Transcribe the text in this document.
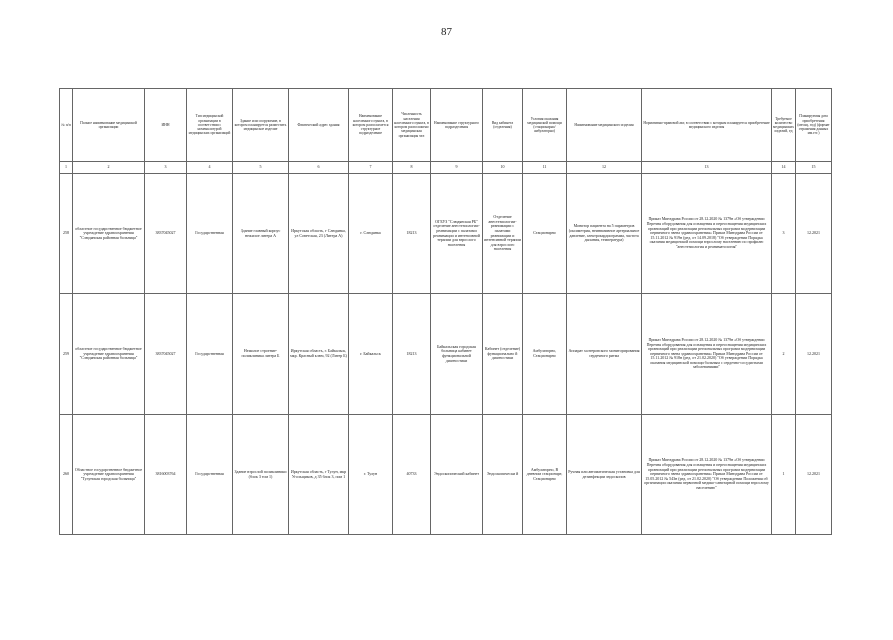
87
№ п/п	Полное наименование медицинской организации	ИНН	Тип медицинской организации в соответствии с номенклатурой медицинских организаций	Здание или сооружение, в котором планируется разместить медицинское изделие	Фактический адрес здания	Наименование населенного пункта, в котором располагается структурное подразделение	Численность населения населенного пункта, в котором расположено медицинская организация чел	Наименование структурного подразделения	Вид кабинета (отделения)	Условия оказания медицинской помощи (стационарно/амбулаторно)	Наименование медицинского изделия	Нормативно-правовой акт, в соответствии с которым планируется приобретение медицинского изделия	Требуемое количество медицинских изделий, ед	Планируемая дата приобретения (месяц, год) (формат отражения данных мм.ггг.)
1	2	3	4	5	6	7	8	9	10	11	12	13	14	15
258	областное государственное бюджетное учреждение здравоохранения "Слюдянская районная больница"	3837045027	Государственная	Здание главный корпус нежилое литера А	Иркутская область, г Слюдянка, ул Советская, 23 (Литера А)	г. Слюдянка	18213	ОГБУЗ "Слюдянская РБ" отделение анестезиологии-реанимации с палатами реанимации и интенсивной терапии для взрослого населения	Отделение анестезиологии-реанимации с палатами реанимации и интенсивной терапии для взрослого населения	Стационарно	Монитор пациента на 5 параметров (оксиметрия, неинвазивное артериальное давление, электрокардиограмма, частота дыхания, температура)	Приказ Минздрава России от 28.12.2020 № 1379н «Об утверждении Перечня оборудования для оснащения и переоснащения медицинских организаций при реализации региональных программ модернизации первичного звена здравоохранения» Приказ Минздрава России от 15.11.2012 № 919н (ред. от 14.09.2018) "Об утверждении Порядка оказания медицинской помощи взрослому населению по профилю "анестезиология и реаниматология"	3	12.2021
259	областное государственное бюджетное учреждение здравоохранения "Слюдянская районная больница"	3837045027	Государственная	Нежилое строение-поликлиника литера Б	Иркутская область, г. Байкальск, мкр. Красный ключ, 92 (Литер Б)	г. Байкальск	18213	Байкальская городская больница кабинет функциональной диагностики	Кабинет (отделение) функционально й диагностики	Амбулаторно, Стационарно	Аппарат холтеровского мониторирования сердечного ритма	Приказ Минздрава России от 28.12.2020 № 1379н «Об утверждении Перечня оборудования для оснащения и переоснащения медицинских организаций при реализации региональных программ модернизации первичного звена здравоохранения» Приказ Минздрава России от 15.11.2012 № 918н (ред. от 21.02.2020) "Об утверждении Порядка оказания медицинской помощи больным с сердечно-сосудистыми заболеваниями"	2	12.2021
260	Областное государственное бюджетное учреждение здравоохранения "Тулунская городская больница"	3816003764	Государственная	Здание взрослой поликлиники (блок 3 том 1)	Иркутская область, г Тулун, мкр Угольщиков, д 35 блок 3, пом 1	г. Тулун	40733	Эндоскопический кабинет	Эндоскопически й	Амбулаторно, В дневном стационаре, Стационарно	Ручная или автоматическая установка для дезинфекции эндоскопов	Приказ Минздрава России от 28.12.2020 № 1379н «Об утверждении Перечня оборудования для оснащения и переоснащения медицинских организаций при реализации региональных программ модернизации первичного звена здравоохранения» Приказ Минздрава России от 15.05.2012 № 543н (ред. от 21.02.2020) "Об утверждении Положения об организации оказания первичной медико-санитарной помощи взрослому населению"	1	12.2021
